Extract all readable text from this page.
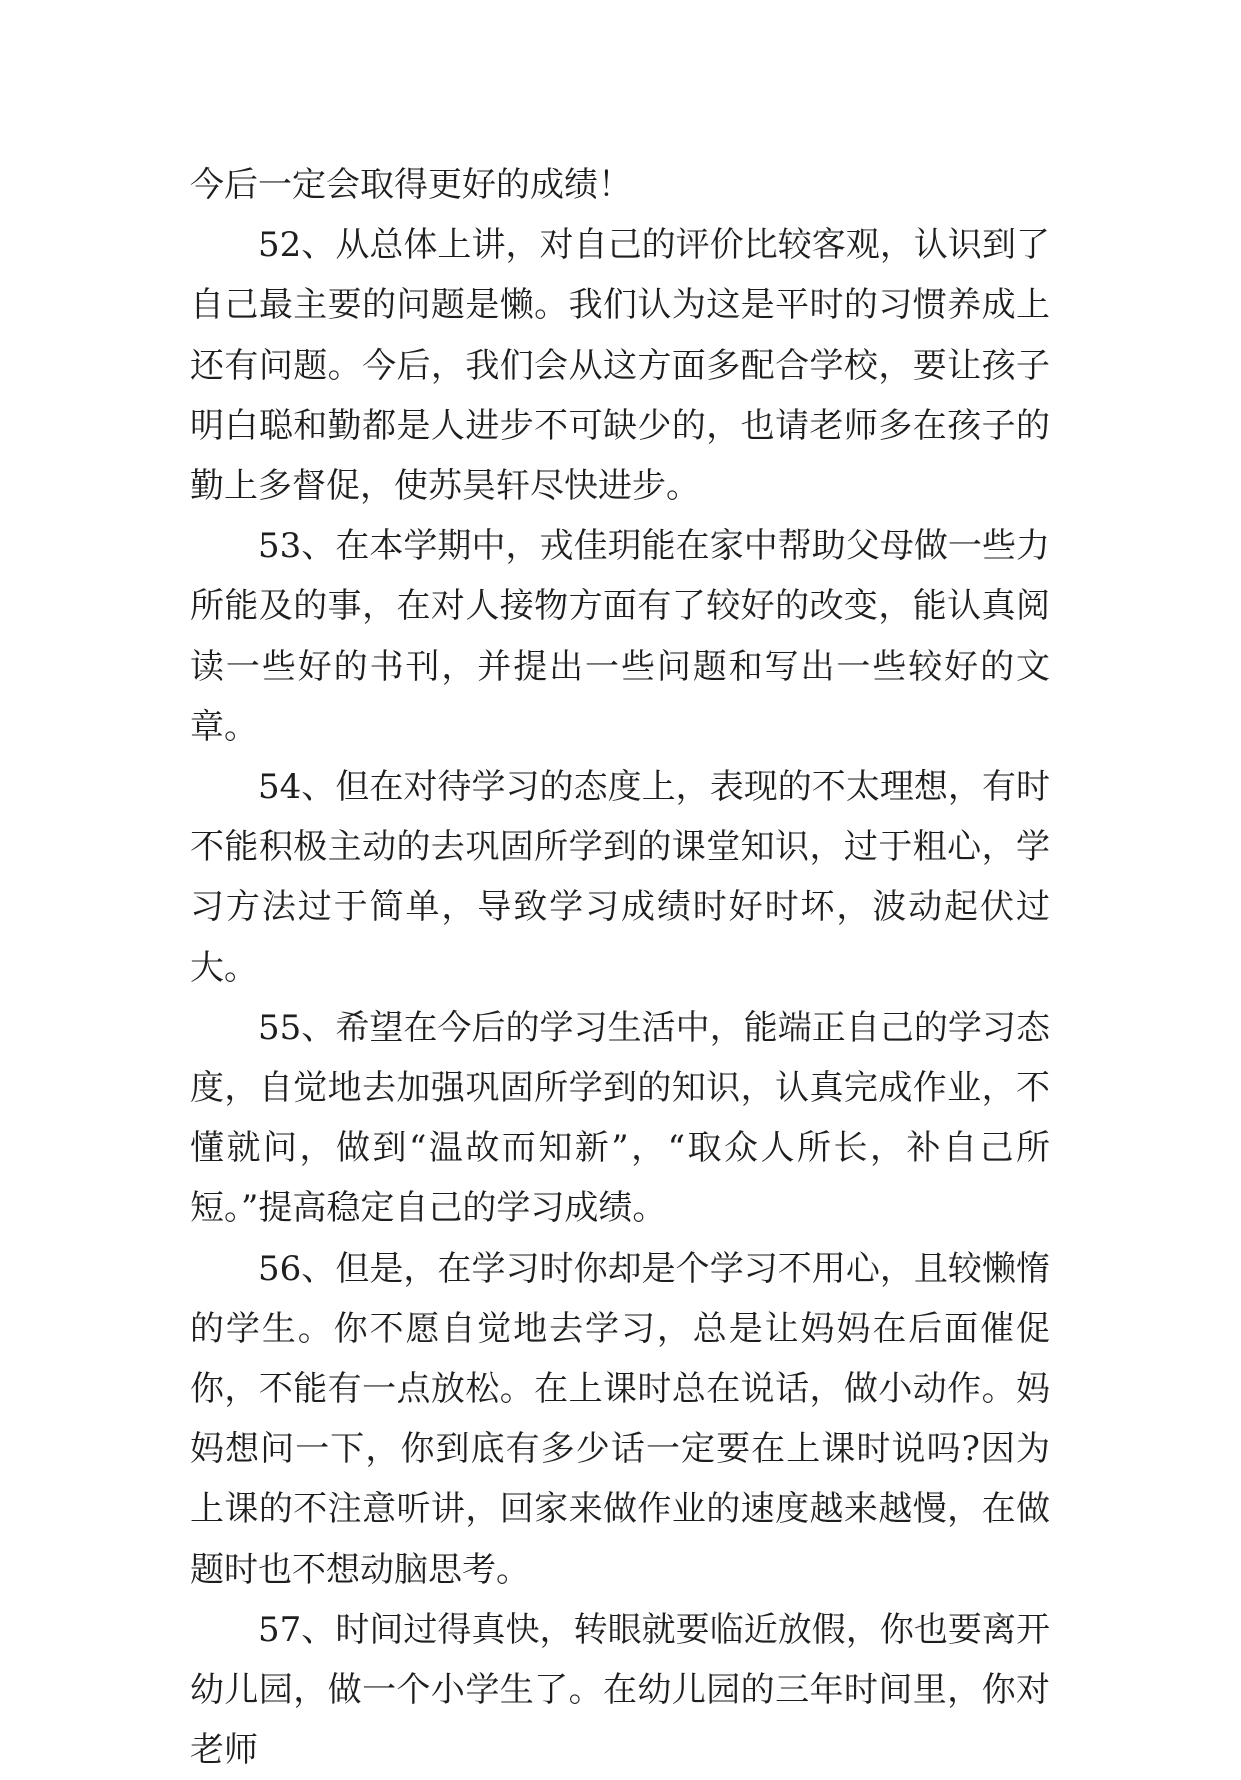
今后一定会取得更好的成绩！

52、从总体上讲，对自己的评价比较客观，认识到了自己最主要的问题是懒。我们认为这是平时的习惯养成上还有问题。今后，我们会从这方面多配合学校，要让孩子明白聪和勤都是人进步不可缺少的，也请老师多在孩子的勤上多督促，使苏昊轩尽快进步。

53、在本学期中，戎佳玥能在家中帮助父母做一些力所能及的事，在对人接物方面有了较好的改变，能认真阅读一些好的书刊，并提出一些问题和写出一些较好的文章。

54、但在对待学习的态度上，表现的不太理想，有时不能积极主动的去巩固所学到的课堂知识，过于粗心，学习方法过于简单，导致学习成绩时好时坏，波动起伏过大。

55、希望在今后的学习生活中，能端正自己的学习态度，自觉地去加强巩固所学到的知识，认真完成作业，不懂就问，做到“温故而知新”，“取众人所长，补自己所短。”提高稳定自己的学习成绩。

56、但是，在学习时你却是个学习不用心，且较懒惰的学生。你不愿自觉地去学习，总是让妈妈在后面催促你，不能有一点放松。在上课时总在说话，做小动作。妈妈想问一下，你到底有多少话一定要在上课时说吗?因为上课的不注意听讲，回家来做作业的速度越来越慢，在做题时也不想动脑思考。

57、时间过得真快，转眼就要临近放假，你也要离开幼儿园，做一个小学生了。在幼儿园的三年时间里，你对老师
